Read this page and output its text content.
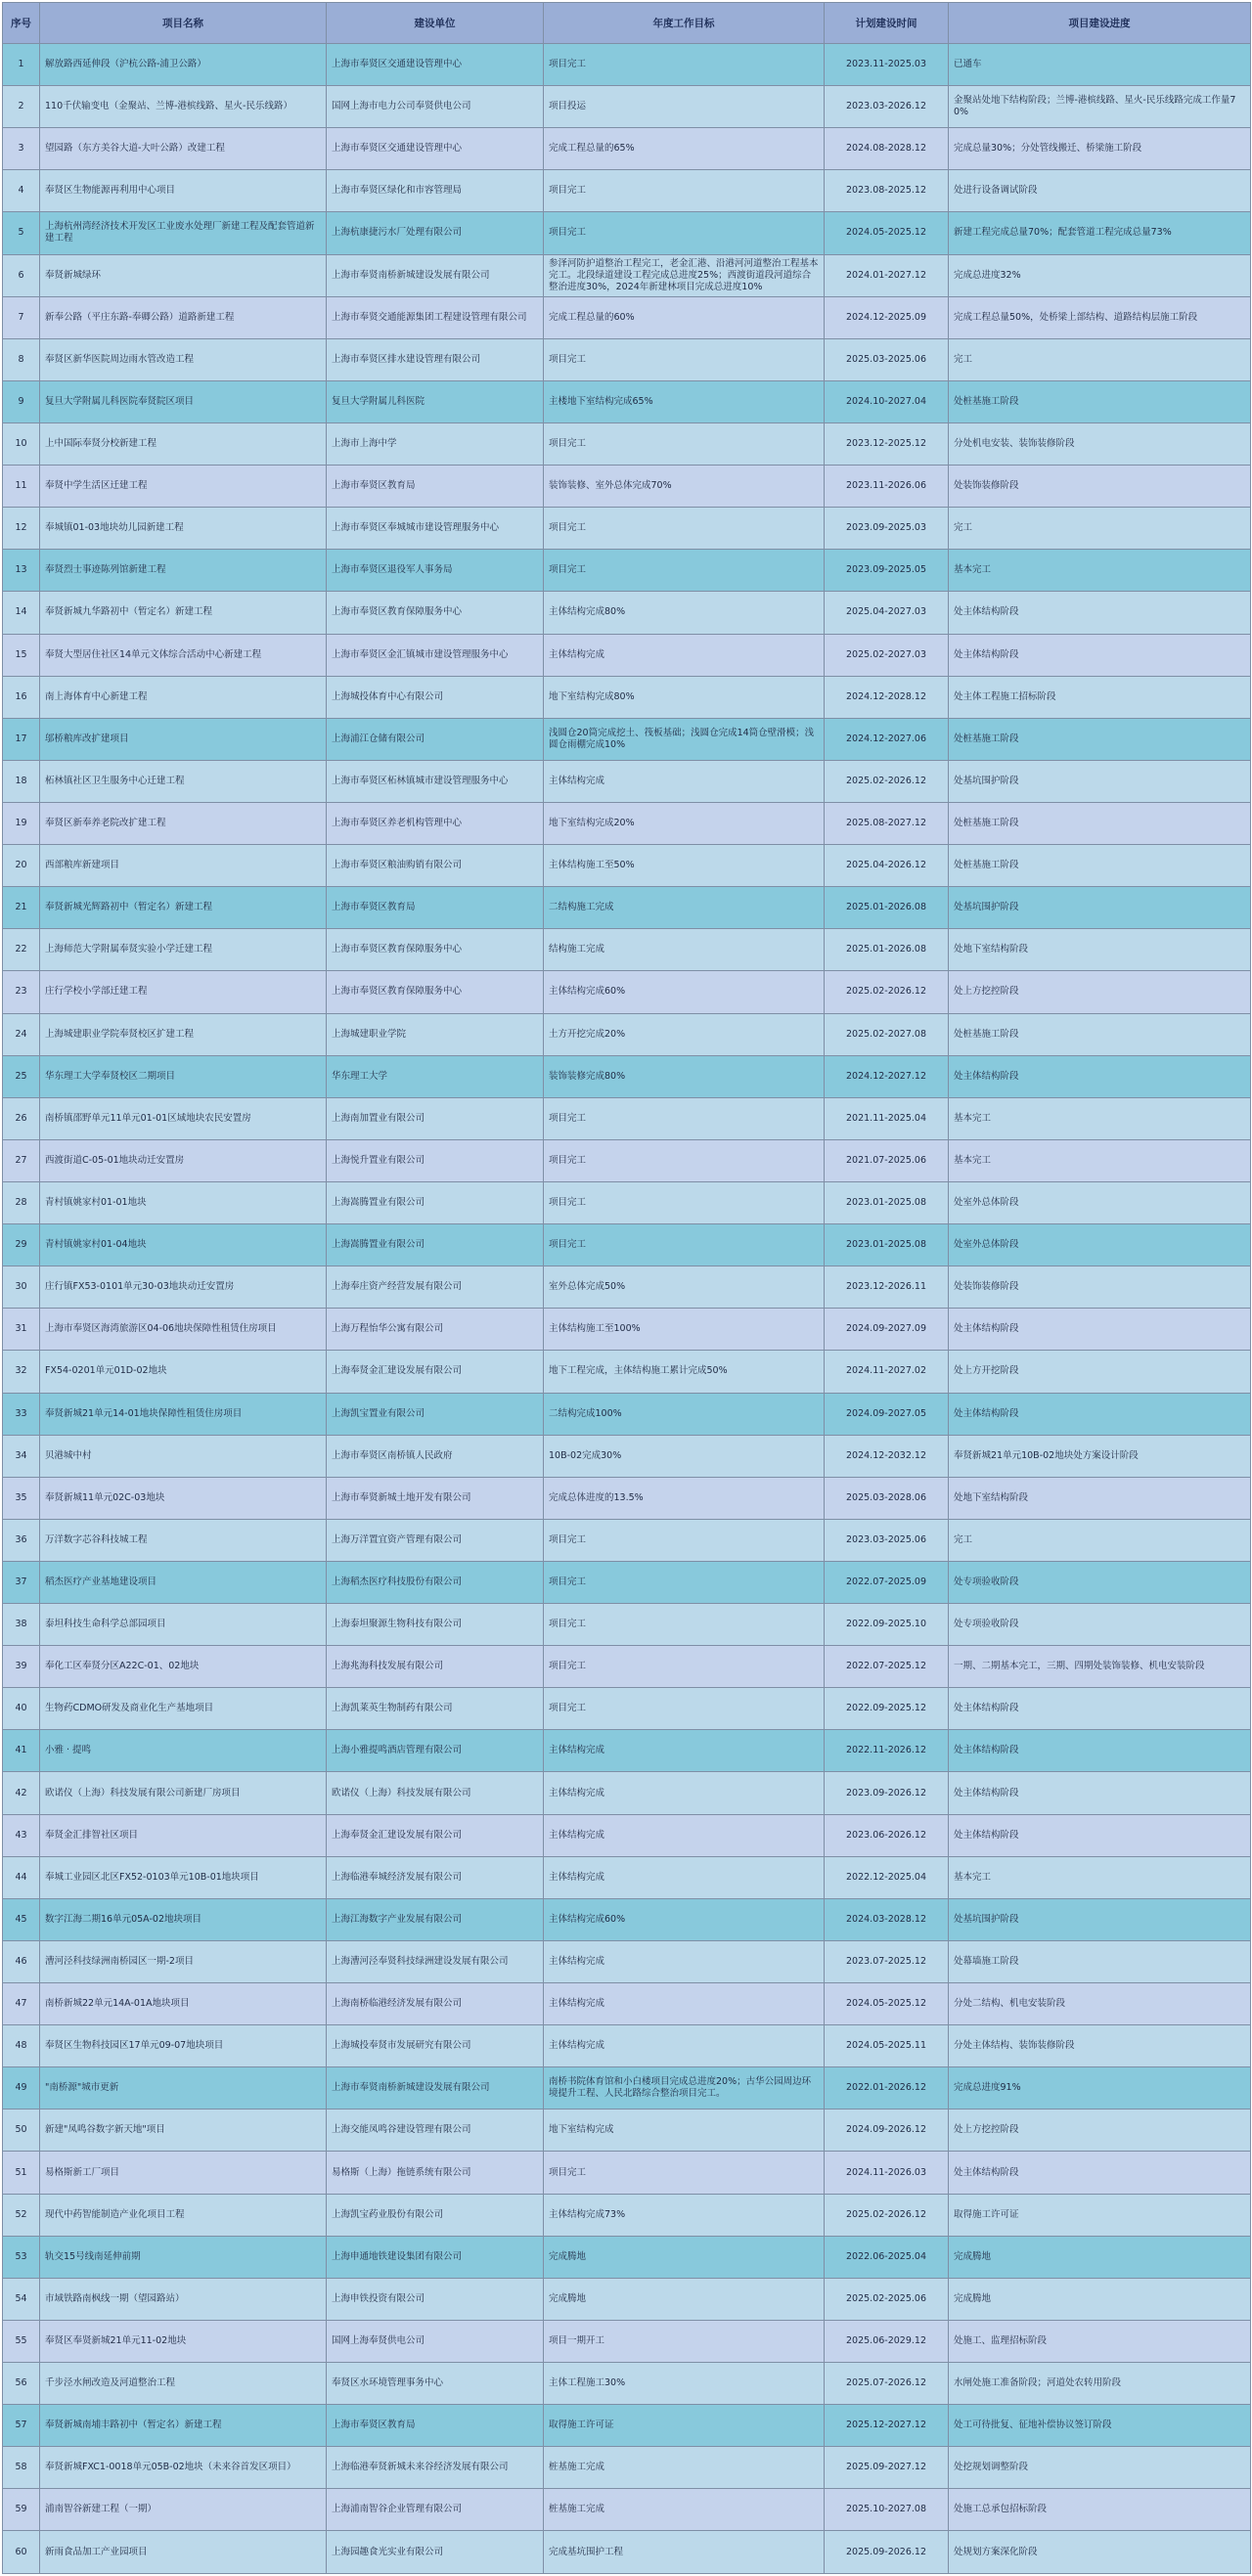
序号	项目名称	建设单位	年度工作目标	计划建设时间	项目建设进度
1	解放路西延伸段（沪杭公路-浦卫公路）	上海市奉贤区交通建设管理中心	项目完工	2023.11-2025.03	已通车
2	110千伏输变电（金聚站、兰博-港槟线路、星火-民乐线路）	国网上海市电力公司奉贤供电公司	项目投运	2023.03-2026.12	金聚站处地下结构阶段；兰博-港槟线路、星火-民乐线路完成工作量70%
3	望园路（东方美谷大道-大叶公路）改建工程	上海市奉贤区交通建设管理中心	完成工程总量的65%	2024.08-2028.12	完成总量30%；分处管线搬迁、桥梁施工阶段
4	奉贤区生物能源再利用中心项目	上海市奉贤区绿化和市容管理局	项目完工	2023.08-2025.12	处进行设备调试阶段
5	上海杭州湾经济技术开发区工业废水处理厂新建工程及配套管道新建工程	上海杭康捷污水厂处理有限公司	项目完工	2024.05-2025.12	新建工程完成总量70%；配套管道工程完成总量73%
6	奉贤新城绿环	上海市奉贤南桥新城建设发展有限公司	参泽河防护道整治工程完工，老金汇港、沿港河河道整治工程基本完工。北段绿道建设工程完成总进度25%；西渡街道段河道综合整治进度30%，2024年新建林项目完成总进度10%	2024.01-2027.12	完成总进度32%
7	新奉公路（平庄东路-奉卿公路）道路新建工程	上海市奉贤交通能源集团工程建设管理有限公司	完成工程总量的60%	2024.12-2025.09	完成工程总量50%，处桥梁上部结构、道路结构层施工阶段
8	奉贤区新华医院周边雨水管改造工程	上海市奉贤区排水建设管理有限公司	项目完工	2025.03-2025.06	完工
9	复旦大学附属儿科医院奉贤院区项目	复旦大学附属儿科医院	主楼地下室结构完成65%	2024.10-2027.04	处桩基施工阶段
10	上中国际奉贤分校新建工程	上海市上海中学	项目完工	2023.12-2025.12	分处机电安装、装饰装修阶段
11	奉贤中学生活区迁建工程	上海市奉贤区教育局	装饰装修、室外总体完成70%	2023.11-2026.06	处装饰装修阶段
12	奉城镇01-03地块幼儿园新建工程	上海市奉贤区奉城城市建设管理服务中心	项目完工	2023.09-2025.03	完工
13	奉贤烈士事迹陈列馆新建工程	上海市奉贤区退役军人事务局	项目完工	2023.09-2025.05	基本完工
14	奉贤新城九华路初中（暂定名）新建工程	上海市奉贤区教育保障服务中心	主体结构完成80%	2025.04-2027.03	处主体结构阶段
15	奉贤大型居住社区14单元文体综合活动中心新建工程	上海市奉贤区金汇镇城市建设管理服务中心	主体结构完成	2025.02-2027.03	处主体结构阶段
16	南上海体育中心新建工程	上海城投体育中心有限公司	地下室结构完成80%	2024.12-2028.12	处主体工程施工招标阶段
17	邬桥粮库改扩建项目	上海浦江仓储有限公司	浅圆仓20筒完成挖土、筏板基础；浅圆仓完成14筒仓壁滑模；浅圆仓雨棚完成10%	2024.12-2027.06	处桩基施工阶段
18	柘林镇社区卫生服务中心迁建工程	上海市奉贤区柘林镇城市建设管理服务中心	主体结构完成	2025.02-2026.12	处基坑围护阶段
19	奉贤区新奉养老院改扩建工程	上海市奉贤区养老机构管理中心	地下室结构完成20%	2025.08-2027.12	处桩基施工阶段
20	西部粮库新建项目	上海市奉贤区粮油购销有限公司	主体结构施工至50%	2025.04-2026.12	处桩基施工阶段
21	奉贤新城光辉路初中（暂定名）新建工程	上海市奉贤区教育局	二结构施工完成	2025.01-2026.08	处基坑围护阶段
22	上海师范大学附属奉贤实验小学迁建工程	上海市奉贤区教育保障服务中心	结构施工完成	2025.01-2026.08	处地下室结构阶段
23	庄行学校小学部迁建工程	上海市奉贤区教育保障服务中心	主体结构完成60%	2025.02-2026.12	处上方挖控阶段
24	上海城建职业学院奉贤校区扩建工程	上海城建职业学院	土方开挖完成20%	2025.02-2027.08	处桩基施工阶段
25	华东理工大学奉贤校区二期项目	华东理工大学	装饰装修完成80%	2024.12-2027.12	处主体结构阶段
26	南桥镇邵野单元11单元01-01区域地块农民安置房	上海南加置业有限公司	项目完工	2021.11-2025.04	基本完工
27	西渡街道C-05-01地块动迁安置房	上海悦升置业有限公司	项目完工	2021.07-2025.06	基本完工
28	青村镇姚家村01-01地块	上海嵩腾置业有限公司	项目完工	2023.01-2025.08	处室外总体阶段
29	青村镇姚家村01-04地块	上海嵩腾置业有限公司	项目完工	2023.01-2025.08	处室外总体阶段
30	庄行镇FX53-0101单元30-03地块动迁安置房	上海奉庄资产经营发展有限公司	室外总体完成50%	2023.12-2026.11	处装饰装修阶段
31	上海市奉贤区海湾旅游区04-06地块保障性租赁住房项目	上海万程怡华公寓有限公司	主体结构施工至100%	2024.09-2027.09	处主体结构阶段
32	FX54-0201单元01D-02地块	上海奉贤金汇建设发展有限公司	地下工程完成，主体结构施工累计完成50%	2024.11-2027.02	处上方开挖阶段
33	奉贤新城21单元14-01地块保障性租赁住房项目	上海凯宝置业有限公司	二结构完成100%	2024.09-2027.05	处主体结构阶段
34	贝港城中村	上海市奉贤区南桥镇人民政府	10B-02完成30%	2024.12-2032.12	奉贤新城21单元10B-02地块处方案设计阶段
35	奉贤新城11单元02C-03地块	上海市奉贤新城土地开发有限公司	完成总体进度的13.5%	2025.03-2028.06	处地下室结构阶段
36	万洋数字芯谷科技城工程	上海万洋置宜资产管理有限公司	项目完工	2023.03-2025.06	完工
37	稻杰医疗产业基地建设项目	上海稻杰医疗科技股份有限公司	项目完工	2022.07-2025.09	处专项验收阶段
38	泰坦科技生命科学总部园项目	上海泰坦聚源生物科技有限公司	项目完工	2022.09-2025.10	处专项验收阶段
39	奉化工区奉贤分区A22C-01、02地块	上海兆海科技发展有限公司	项目完工	2022.07-2025.12	一期、二期基本完工，三期、四期处装饰装修、机电安装阶段
40	生物药CDMO研发及商业化生产基地项目	上海凯莱英生物制药有限公司	项目完工	2022.09-2025.12	处主体结构阶段
41	小雅 · 提鸣	上海小雅提鸣酒店管理有限公司	主体结构完成	2022.11-2026.12	处主体结构阶段
42	欧诺仪（上海）科技发展有限公司新建厂房项目	欧诺仪（上海）科技发展有限公司	主体结构完成	2023.09-2026.12	处主体结构阶段
43	奉贤金汇排智社区项目	上海奉贤金汇建设发展有限公司	主体结构完成	2023.06-2026.12	处主体结构阶段
44	奉城工业园区北区FX52-0103单元10B-01地块项目	上海临港奉城经济发展有限公司	主体结构完成	2022.12-2025.04	基本完工
45	数字江海二期16单元05A-02地块项目	上海江海数字产业发展有限公司	主体结构完成60%	2024.03-2028.12	处基坑围护阶段
46	漕河泾科技绿洲南桥园区一期-2项目	上海漕河泾奉贤科技绿洲建设发展有限公司	主体结构完成	2023.07-2025.12	处幕墙施工阶段
47	南桥新城22单元14A-01A地块项目	上海南桥临港经济发展有限公司	主体结构完成	2024.05-2025.12	分处二结构、机电安装阶段
48	奉贤区生物科技园区17单元09-07地块项目	上海城投奉贤市发展研究有限公司	主体结构完成	2024.05-2025.11	分处主体结构、装饰装修阶段
49	"南桥源"城市更新	上海市奉贤南桥新城建设发展有限公司	南桥书院体育馆和小白楼项目完成总进度20%；古华公园周边环境提升工程、人民北路综合整治项目完工。	2022.01-2026.12	完成总进度91%
50	新建"凤鸣谷数字新天地"项目	上海交能凤鸣谷建设管理有限公司	地下室结构完成	2024.09-2026.12	处上方挖控阶段
51	易格斯新工厂项目	易格斯（上海）拖链系统有限公司	项目完工	2024.11-2026.03	处主体结构阶段
52	现代中药智能制造产业化项目工程	上海凯宝药业股份有限公司	主体结构完成73%	2025.02-2026.12	取得施工许可证
53	轨交15号线南延伸前期	上海申通地铁建设集团有限公司	完成腾地	2022.06-2025.04	完成腾地
54	市域铁路南枫线一期（望园路站）	上海申铁投资有限公司	完成腾地	2025.02-2025.06	完成腾地
55	奉贤区奉贤新城21单元11-02地块	国网上海奉贤供电公司	项目一期开工	2025.06-2029.12	处施工、监理招标阶段
56	千步泾水闸改造及河道整治工程	奉贤区水环境管理事务中心	主体工程施工30%	2025.07-2026.12	水闸处施工准备阶段；河道处农转用阶段
57	奉贤新城南埔丰路初中（暂定名）新建工程	上海市奉贤区教育局	取得施工许可证	2025.12-2027.12	处工可待批复、征地补偿协议签订阶段
58	奉贤新城FXC1-0018单元05B-02地块（未来谷首发区项目）	上海临港奉贤新城未来谷经济发展有限公司	桩基施工完成	2025.09-2027.12	处挖规划调整阶段
59	浦南智谷新建工程（一期）	上海浦南智谷企业管理有限公司	桩基施工完成	2025.10-2027.08	处施工总承包招标阶段
60	新雨食品加工产业园项目	上海园趣食光实业有限公司	完成基坑围护工程	2025.09-2026.12	处规划方案深化阶段
